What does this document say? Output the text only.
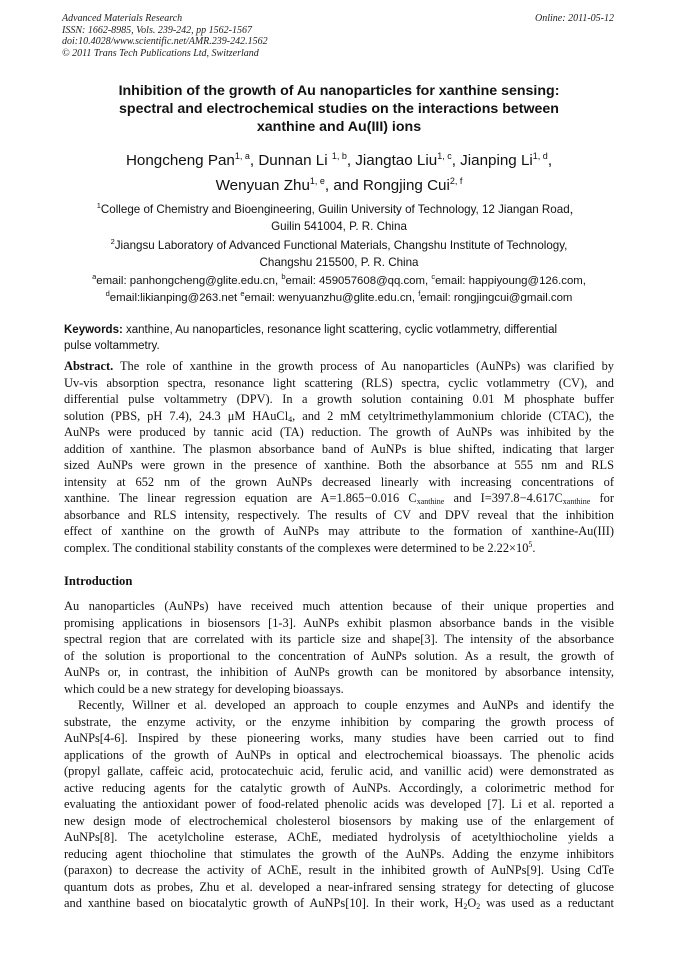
Advanced Materials Research
ISSN: 1662-8985, Vols. 239-242, pp 1562-1567
doi:10.4028/www.scientific.net/AMR.239-242.1562
© 2011 Trans Tech Publications Ltd, Switzerland
Online: 2011-05-12
Inhibition of the growth of Au nanoparticles for xanthine sensing:
spectral and electrochemical studies on the interactions between
xanthine and Au(III) ions
Hongcheng Pan$^{1, a}$, Dunnan Li $^{1, b}$, Jiangtao Liu$^{1, c}$, Jianping Li$^{1, d}$,
Wenyuan Zhu$^{1, e}$, and Rongjing Cui$^{2, f}$
$^1$College of Chemistry and Bioengineering, Guilin University of Technology, 12 Jiangan Road，
Guilin 541004, P. R. China
$^2$Jiangsu Laboratory of Advanced Functional Materials, Changshu Institute of Technology,
Changshu 215500, P. R. China
$^a$email: panhongcheng@glite.edu.cn, $^b$email: 459057608@qq.com, $^c$email: happiyoung@126.com,
$^d$email:likianping@263.net $^e$email: wenyuanzhu@glite.edu.cn, $^f$email: rongjingcui@gmail.com
Keywords: xanthine, Au nanoparticles, resonance light scattering, cyclic votlammetry, differential
pulse voltammetry.
Abstract. The role of xanthine in the growth process of Au nanoparticles (AuNPs) was clarified by
Uv-vis absorption spectra, resonance light scattering (RLS) spectra, cyclic votlammetry (CV), and
differential pulse voltammetry (DPV). In a growth solution containing 0.01 M phosphate buffer
solution (PBS, pH 7.4), 24.3 μM HAuCl$_4$, and 2 mM cetyltrimethylammonium chloride (CTAC), the
AuNPs were produced by tannic acid (TA) reduction. The growth of AuNPs was inhibited by the
addition of xanthine. The plasmon absorbance band of AuNPs is blue shifted, indicating that larger
sized AuNPs were grown in the presence of xanthine. Both the absorbance at 555 nm and RLS
intensity at 652 nm of the grown AuNPs decreased linearly with increasing concentrations of
xanthine. The linear regression equation are A=1.865−0.016 $C_{xanthine}$ and $I=397.8-4.617C_{xanthine}$ for
absorbance and RLS intensity, respectively. The results of CV and DPV reveal that the inhibition
effect of xanthine on the growth of AuNPs may attribute to the formation of xanthine-Au(III)
complex. The conditional stability constants of the complexes were determined to be $2.22\times 10^5$.
Introduction
Au nanoparticles (AuNPs) have received much attention because of their unique properties and
promising applications in biosensors [1-3]. AuNPs exhibit plasmon absorbance bands in the visible
spectral region that are correlated with its particle size and shape[3]. The intensity of the absorbance
of the solution is proportional to the concentration of AuNPs solution. As a result, the growth of
AuNPs or, in contrast, the inhibition of AuNPs growth can be monitored by absorbance intensity,
which could be a new strategy for developing bioassays.
Recently, Willner et al. developed an approach to couple enzymes and AuNPs and identify the
substrate, the enzyme activity, or the enzyme inhibition by comparing the growth process of
AuNPs[4-6]. Inspired by these pioneering works, many studies have been carried out to find
applications of the growth of AuNPs in optical and electrochemical bioassays. The phenolic acids
(propyl gallate, caffeic acid, protocatechuic acid, ferulic acid, and vanillic acid) were demonstrated as
active reducing agents for the catalytic growth of AuNPs. Accordingly, a colorimetric method for
evaluating the antioxidant power of food-related phenolic acids was developed [7]. Li et al. reported a
new design mode of electrochemical cholesterol biosensors by making use of the enlargement of
AuNPs[8]. The acetylcholine esterase, AChE, mediated hydrolysis of acetylthiocholine yields a
reducing agent thiocholine that stimulates the growth of the AuNPs. Adding the enzyme inhibitors
(paraxon) to decrease the activity of AChE, result in the inhibited growth of AuNPs[9]. Using CdTe
quantum dots as probes, Zhu et al. developed a near-infrared sensing strategy for detecting of glucose
and xanthine based on biocatalytic growth of AuNPs[10]. In their work, $H_2O_2$ was used as a reductant
